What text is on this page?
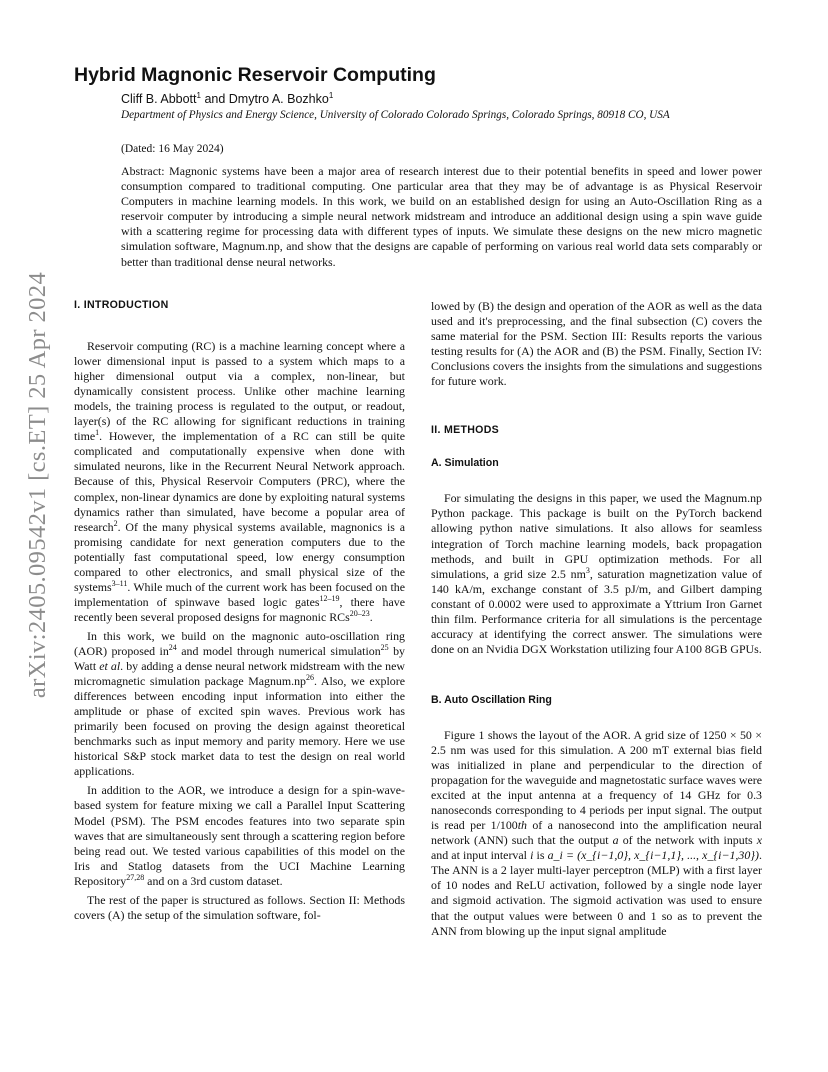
arXiv:2405.09542v1 [cs.ET] 25 Apr 2024
Hybrid Magnonic Reservoir Computing
Cliff B. Abbott$^1$ and Dmytro A. Bozhko$^1$
Department of Physics and Energy Science, University of Colorado Colorado Springs, Colorado Springs, 80918 CO, USA
(Dated: 16 May 2024)

Abstract: Magnonic systems have been a major area of research interest due to their potential benefits in speed and lower power consumption compared to traditional computing. One particular area that they may be of advantage is as Physical Reservoir Computers in machine learning models. In this work, we build on an established design for using an Auto-Oscillation Ring as a reservoir computer by introducing a simple neural network midstream and introduce an additional design using a spin wave guide with a scattering regime for processing data with different types of inputs. We simulate these designs on the new micro magnetic simulation software, Magnum.np, and show that the designs are capable of performing on various real world data sets comparably or better than traditional dense neural networks.

I. INTRODUCTION

Reservoir computing (RC) is a machine learning concept where a lower dimensional input is passed to a system which maps to a higher dimensional output via a complex, non-linear, but dynamically consistent process. Unlike other machine learning models, the training process is regulated to the output, or readout, layer(s) of the RC allowing for significant reductions in training time$^1$. However, the implementation of a RC can still be quite complicated and computationally expensive when done with simulated neurons, like in the Recurrent Neural Network approach. Because of this, Physical Reservoir Computers (PRC), where the complex, non-linear dynamics are done by exploiting natural systems dynamics rather than simulated, have become a popular area of research$^2$. Of the many physical systems available, magnonics is a promising candidate for next generation computers due to the potentially fast computational speed, low energy consumption compared to other electronics, and small physical size of the systems$^{3-11}$. While much of the current work has been focused on the implementation of spinwave based logic gates$^{12-19}$, there have recently been several proposed designs for magnonic RCs$^{20-23}$.

In this work, we build on the magnonic auto-oscillation ring (AOR) proposed $in^{24}$ and model through numerical simulation$^{25}$ by Watt et al. by adding a dense neural network midstream with the new micromagnetic simulation package $Magnum.np^{26}$. Also, we explore differences between encoding input information into either the amplitude or phase of excited spin waves. Previous work has primarily been focused on proving the design against theoretical benchmarks such as input memory and parity memory. Here we use historical S&P stock market data to test the design on real world applications.

In addition to the AOR, we introduce a design for a spin-wave-based system for feature mixing we call a Parallel Input Scattering Model (PSM). The PSM encodes features into two separate spin waves that are simultaneously sent through a scattering region before being read out. We tested various capabilities of this model on the Iris and Statlog datasets from the UCI Machine Learning Repository$^{27,28}$ and on a 3rd custom dataset.

The rest of the paper is structured as follows. Section II: Methods covers (A) the setup of the simulation software, fol-

lowed by (B) the design and operation of the AOR as well as the data used and it's preprocessing, and the final subsection (C) covers the same material for the PSM. Section III: Results reports the various testing results for (A) the AOR and (B) the PSM. Finally, Section IV: Conclusions covers the insights from the simulations and suggestions for future work.

II. METHODS
A. Simulation

For simulating the designs in this paper, we used the Magnum.np Python package. This package is built on the PyTorch backend allowing python native simulations. It also allows for seamless integration of Torch machine learning models, back propagation methods, and built in GPU optimization methods. For all simulations, a grid size 2.5 $nm^3$, saturation magnetization value of 140 kA/m, exchange constant of 3.5 pJ/m, and Gilbert damping constant of 0.0002 were used to approximate a Yttrium Iron Garnet thin film. Performance criteria for all simulations is the percentage accuracy at identifying the correct answer. The simulations were done on an Nvidia DGX Workstation utilizing four A100 8GB GPUs.

B. Auto Oscillation Ring

Figure 1 shows the layout of the AOR. A grid size of 1250 × 50 × 2.5 nm was used for this simulation. A 200 mT external bias field was initialized in plane and perpendicular to the direction of propagation for the waveguide and magnetostatic surface waves were excited at the input antenna at a frequency of 14 GHz for 0.3 nanoseconds corresponding to 4 periods per input signal. The output is read per 1/100th of a nanosecond into the amplification neural network (ANN) such that the output a of the network with inputs x and at input interval i is a_i = (x_{i−1,0}, x_{i−1,1}, ..., x_{i−1,30}). The ANN is a 2 layer multi-layer perceptron (MLP) with a first layer of 10 nodes and ReLU activation, followed by a single node layer and sigmoid activation. The sigmoid activation was used to ensure that the output values were between 0 and 1 so as to prevent the ANN from blowing up the input signal amplitude
